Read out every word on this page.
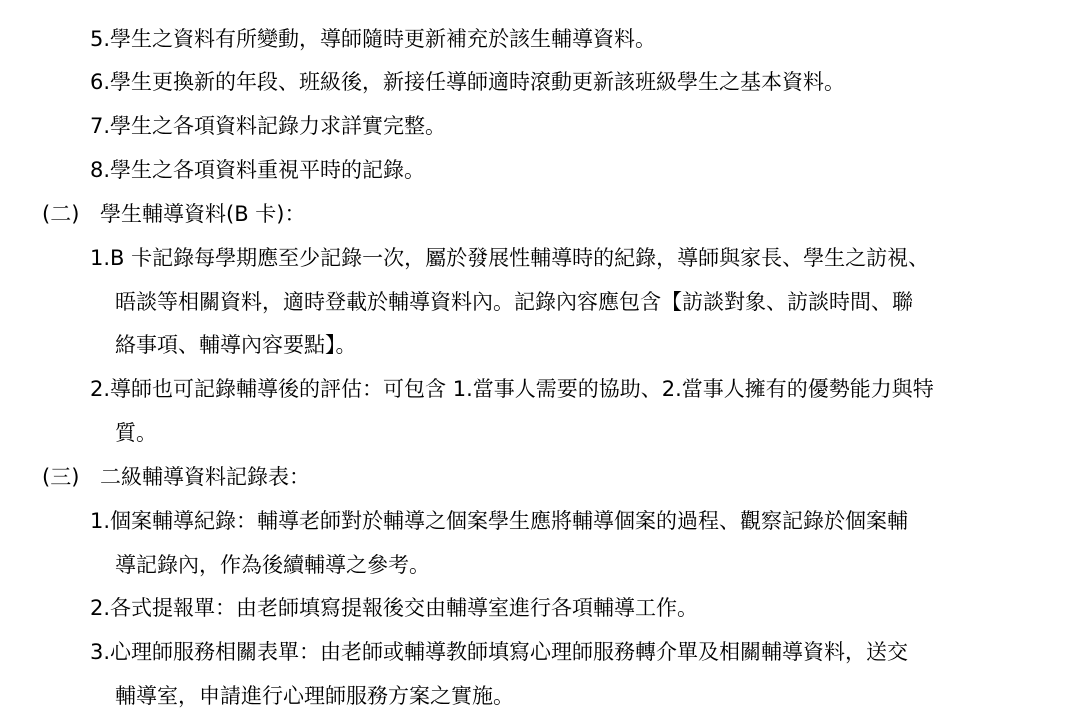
5.學生之資料有所變動，導師隨時更新補充於該生輔導資料。
6.學生更換新的年段、班級後，新接任導師適時滾動更新該班級學生之基本資料。
7.學生之各項資料記錄力求詳實完整。
8.學生之各項資料重視平時的記錄。
(二) 學生輔導資料(B 卡)：
1.B 卡記錄每學期應至少記錄一次，屬於發展性輔導時的紀錄，導師與家長、學生之訪視、
晤談等相關資料，適時登載於輔導資料內。記錄內容應包含【訪談對象、訪談時間、聯
絡事項、輔導內容要點】。
2.導師也可記錄輔導後的評估：可包含 1.當事人需要的協助、2.當事人擁有的優勢能力與特
質。
(三) 二級輔導資料記錄表：
1.個案輔導紀錄：輔導老師對於輔導之個案學生應將輔導個案的過程、觀察記錄於個案輔
導記錄內，作為後續輔導之參考。
2.各式提報單：由老師填寫提報後交由輔導室進行各項輔導工作。
3.心理師服務相關表單：由老師或輔導教師填寫心理師服務轉介單及相關輔導資料，送交
輔導室，申請進行心理師服務方案之實施。
